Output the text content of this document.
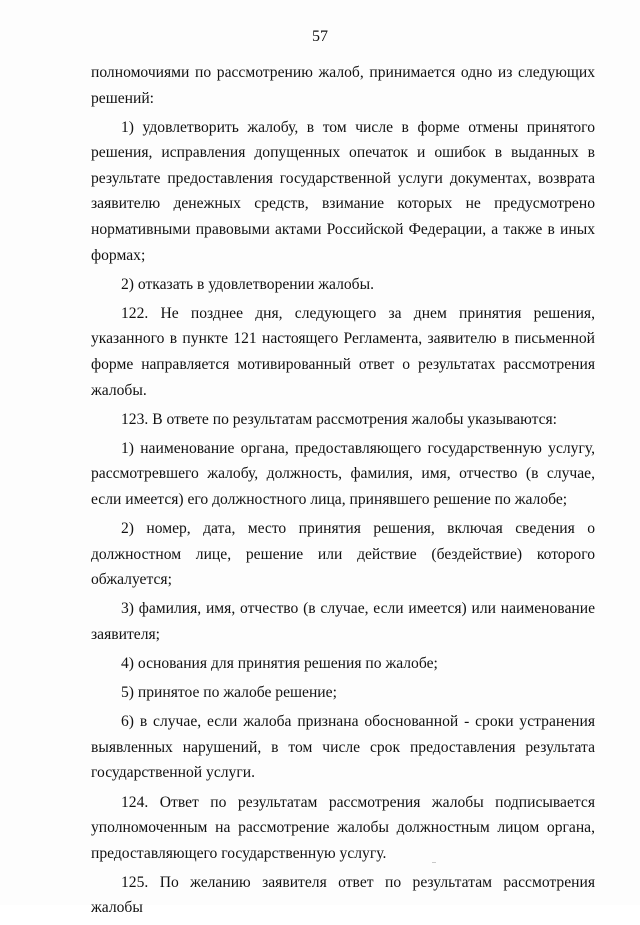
57

полномочиями по рассмотрению жалоб, принимается одно из следующих решений:

1) удовлетворить жалобу, в том числе в форме отмены принятого решения, исправления допущенных опечаток и ошибок в выданных в результате предоставления государственной услуги документах, возврата заявителю денежных средств, взимание которых не предусмотрено нормативными правовыми актами Российской Федерации, а также в иных формах;

2) отказать в удовлетворении жалобы.

122. Не позднее дня, следующего за днем принятия решения, указанного в пункте 121 настоящего Регламента, заявителю в письменной форме направляется мотивированный ответ о результатах рассмотрения жалобы.

123. В ответе по результатам рассмотрения жалобы указываются:

1) наименование органа, предоставляющего государственную услугу, рассмотревшего жалобу, должность, фамилия, имя, отчество (в случае, если имеется) его должностного лица, принявшего решение по жалобе;

2) номер, дата, место принятия решения, включая сведения о должностном лице, решение или действие (бездействие) которого обжалуется;

3) фамилия, имя, отчество (в случае, если имеется) или наименование заявителя;

4) основания для принятия решения по жалобе;

5) принятое по жалобе решение;

6) в случае, если жалоба признана обоснованной - сроки устранения выявленных нарушений, в том числе срок предоставления результата государственной услуги.

124. Ответ по результатам рассмотрения жалобы подписывается уполномоченным на рассмотрение жалобы должностным лицом органа, предоставляющего государственную услугу.

125. По желанию заявителя ответ по результатам рассмотрения жалобы
